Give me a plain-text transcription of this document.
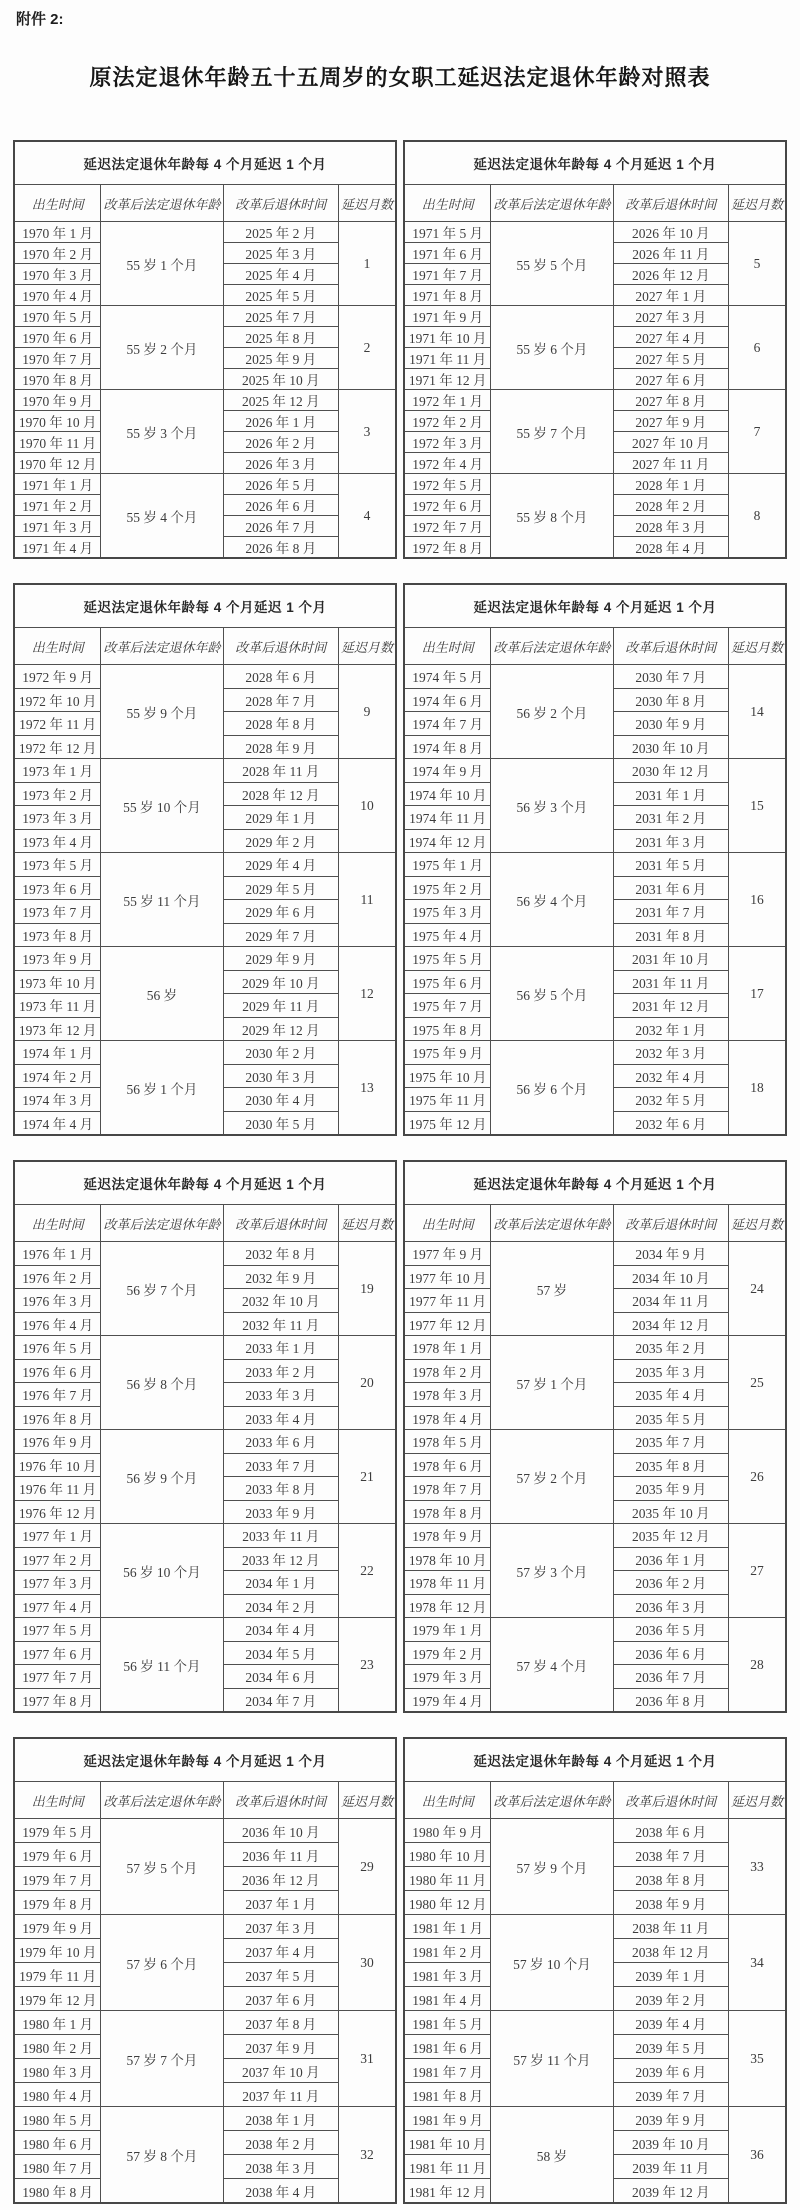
附件 2:
原法定退休年龄五十五周岁的女职工延迟法定退休年龄对照表
延迟法定退休年龄每 4 个月延迟 1 个月			
出生时间	改革后法定退休年龄	改革后退休时间	延迟月数
1970 年 1 月	55 岁 1 个月	2025 年 2 月	1
1970 年 2 月		2025 年 3 月	
1970 年 3 月		2025 年 4 月	
1970 年 4 月		2025 年 5 月	
1970 年 5 月	55 岁 2 个月	2025 年 7 月	2
1970 年 6 月		2025 年 8 月	
1970 年 7 月		2025 年 9 月	
1970 年 8 月		2025 年 10 月	
1970 年 9 月	55 岁 3 个月	2025 年 12 月	3
1970 年 10 月		2026 年 1 月	
1970 年 11 月		2026 年 2 月	
1970 年 12 月		2026 年 3 月	
1971 年 1 月	55 岁 4 个月	2026 年 5 月	4
1971 年 2 月		2026 年 6 月	
1971 年 3 月		2026 年 7 月	
1971 年 4 月		2026 年 8 月	
延迟法定退休年龄每 4 个月延迟 1 个月			
出生时间	改革后法定退休年龄	改革后退休时间	延迟月数
1971 年 5 月	55 岁 5 个月	2026 年 10 月	5
1971 年 6 月		2026 年 11 月	
1971 年 7 月		2026 年 12 月	
1971 年 8 月		2027 年 1 月	
1971 年 9 月	55 岁 6 个月	2027 年 3 月	6
1971 年 10 月		2027 年 4 月	
1971 年 11 月		2027 年 5 月	
1971 年 12 月		2027 年 6 月	
1972 年 1 月	55 岁 7 个月	2027 年 8 月	7
1972 年 2 月		2027 年 9 月	
1972 年 3 月		2027 年 10 月	
1972 年 4 月		2027 年 11 月	
1972 年 5 月	55 岁 8 个月	2028 年 1 月	8
1972 年 6 月		2028 年 2 月	
1972 年 7 月		2028 年 3 月	
1972 年 8 月		2028 年 4 月	
延迟法定退休年龄每 4 个月延迟 1 个月			
出生时间	改革后法定退休年龄	改革后退休时间	延迟月数
1972 年 9 月	55 岁 9 个月	2028 年 6 月	9
1972 年 10 月		2028 年 7 月	
1972 年 11 月		2028 年 8 月	
1972 年 12 月		2028 年 9 月	
1973 年 1 月	55 岁 10 个月	2028 年 11 月	10
1973 年 2 月		2028 年 12 月	
1973 年 3 月		2029 年 1 月	
1973 年 4 月		2029 年 2 月	
1973 年 5 月	55 岁 11 个月	2029 年 4 月	11
1973 年 6 月		2029 年 5 月	
1973 年 7 月		2029 年 6 月	
1973 年 8 月		2029 年 7 月	
1973 年 9 月	56 岁	2029 年 9 月	12
1973 年 10 月		2029 年 10 月	
1973 年 11 月		2029 年 11 月	
1973 年 12 月		2029 年 12 月	
1974 年 1 月	56 岁 1 个月	2030 年 2 月	13
1974 年 2 月		2030 年 3 月	
1974 年 3 月		2030 年 4 月	
1974 年 4 月		2030 年 5 月	
延迟法定退休年龄每 4 个月延迟 1 个月			
出生时间	改革后法定退休年龄	改革后退休时间	延迟月数
1974 年 5 月	56 岁 2 个月	2030 年 7 月	14
1974 年 6 月		2030 年 8 月	
1974 年 7 月		2030 年 9 月	
1974 年 8 月		2030 年 10 月	
1974 年 9 月	56 岁 3 个月	2030 年 12 月	15
1974 年 10 月		2031 年 1 月	
1974 年 11 月		2031 年 2 月	
1974 年 12 月		2031 年 3 月	
1975 年 1 月	56 岁 4 个月	2031 年 5 月	16
1975 年 2 月		2031 年 6 月	
1975 年 3 月		2031 年 7 月	
1975 年 4 月		2031 年 8 月	
1975 年 5 月	56 岁 5 个月	2031 年 10 月	17
1975 年 6 月		2031 年 11 月	
1975 年 7 月		2031 年 12 月	
1975 年 8 月		2032 年 1 月	
1975 年 9 月	56 岁 6 个月	2032 年 3 月	18
1975 年 10 月		2032 年 4 月	
1975 年 11 月		2032 年 5 月	
1975 年 12 月		2032 年 6 月	
延迟法定退休年龄每 4 个月延迟 1 个月			
出生时间	改革后法定退休年龄	改革后退休时间	延迟月数
1976 年 1 月	56 岁 7 个月	2032 年 8 月	19
1976 年 2 月		2032 年 9 月	
1976 年 3 月		2032 年 10 月	
1976 年 4 月		2032 年 11 月	
1976 年 5 月	56 岁 8 个月	2033 年 1 月	20
1976 年 6 月		2033 年 2 月	
1976 年 7 月		2033 年 3 月	
1976 年 8 月		2033 年 4 月	
1976 年 9 月	56 岁 9 个月	2033 年 6 月	21
1976 年 10 月		2033 年 7 月	
1976 年 11 月		2033 年 8 月	
1976 年 12 月		2033 年 9 月	
1977 年 1 月	56 岁 10 个月	2033 年 11 月	22
1977 年 2 月		2033 年 12 月	
1977 年 3 月		2034 年 1 月	
1977 年 4 月		2034 年 2 月	
1977 年 5 月	56 岁 11 个月	2034 年 4 月	23
1977 年 6 月		2034 年 5 月	
1977 年 7 月		2034 年 6 月	
1977 年 8 月		2034 年 7 月	
延迟法定退休年龄每 4 个月延迟 1 个月			
出生时间	改革后法定退休年龄	改革后退休时间	延迟月数
1977 年 9 月	57 岁	2034 年 9 月	24
1977 年 10 月		2034 年 10 月	
1977 年 11 月		2034 年 11 月	
1977 年 12 月		2034 年 12 月	
1978 年 1 月	57 岁 1 个月	2035 年 2 月	25
1978 年 2 月		2035 年 3 月	
1978 年 3 月		2035 年 4 月	
1978 年 4 月		2035 年 5 月	
1978 年 5 月	57 岁 2 个月	2035 年 7 月	26
1978 年 6 月		2035 年 8 月	
1978 年 7 月		2035 年 9 月	
1978 年 8 月		2035 年 10 月	
1978 年 9 月	57 岁 3 个月	2035 年 12 月	27
1978 年 10 月		2036 年 1 月	
1978 年 11 月		2036 年 2 月	
1978 年 12 月		2036 年 3 月	
1979 年 1 月	57 岁 4 个月	2036 年 5 月	28
1979 年 2 月		2036 年 6 月	
1979 年 3 月		2036 年 7 月	
1979 年 4 月		2036 年 8 月	
延迟法定退休年龄每 4 个月延迟 1 个月			
出生时间	改革后法定退休年龄	改革后退休时间	延迟月数
1979 年 5 月	57 岁 5 个月	2036 年 10 月	29
1979 年 6 月		2036 年 11 月	
1979 年 7 月		2036 年 12 月	
1979 年 8 月		2037 年 1 月	
1979 年 9 月	57 岁 6 个月	2037 年 3 月	30
1979 年 10 月		2037 年 4 月	
1979 年 11 月		2037 年 5 月	
1979 年 12 月		2037 年 6 月	
1980 年 1 月	57 岁 7 个月	2037 年 8 月	31
1980 年 2 月		2037 年 9 月	
1980 年 3 月		2037 年 10 月	
1980 年 4 月		2037 年 11 月	
1980 年 5 月	57 岁 8 个月	2038 年 1 月	32
1980 年 6 月		2038 年 2 月	
1980 年 7 月		2038 年 3 月	
1980 年 8 月		2038 年 4 月	
延迟法定退休年龄每 4 个月延迟 1 个月			
出生时间	改革后法定退休年龄	改革后退休时间	延迟月数
1980 年 9 月	57 岁 9 个月	2038 年 6 月	33
1980 年 10 月		2038 年 7 月	
1980 年 11 月		2038 年 8 月	
1980 年 12 月		2038 年 9 月	
1981 年 1 月	57 岁 10 个月	2038 年 11 月	34
1981 年 2 月		2038 年 12 月	
1981 年 3 月		2039 年 1 月	
1981 年 4 月		2039 年 2 月	
1981 年 5 月	57 岁 11 个月	2039 年 4 月	35
1981 年 6 月		2039 年 5 月	
1981 年 7 月		2039 年 6 月	
1981 年 8 月		2039 年 7 月	
1981 年 9 月	58 岁	2039 年 9 月	36
1981 年 10 月		2039 年 10 月	
1981 年 11 月		2039 年 11 月	
1981 年 12 月		2039 年 12 月	
